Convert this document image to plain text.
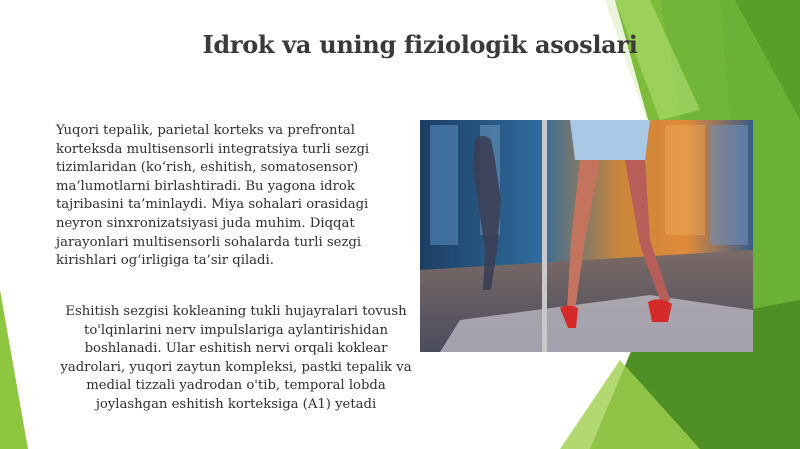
Idrok va uning fiziologik asoslari
Yuqori tepalik, parietal korteks va prefrontal korteksda multisensorli integratsiya turli sezgi tizimlaridan (ko‘rish, eshitish, somatosensor) ma’lumotlarni birlashtiradi. Bu yagona idrok tajribasini ta’minlaydi. Miya sohalari orasidagi neyron sinxronizatsiyasi juda muhim. Diqqat jarayonlari multisensorli sohalarda turli sezgi kirishlari og‘irligiga ta’sir qiladi.
Eshitish sezgisi kokleaning tukli hujayralari tovush to'lqinlarini nerv impulslariga aylantirishidan boshlanadi. Ular eshitish nervi orqali koklear yadrolari, yuqori zaytun kompleksi, pastki tepalik va medial tizzali yadrodan o'tib, temporal lobda joylashgan eshitish korteksiga (A1) yetadi
